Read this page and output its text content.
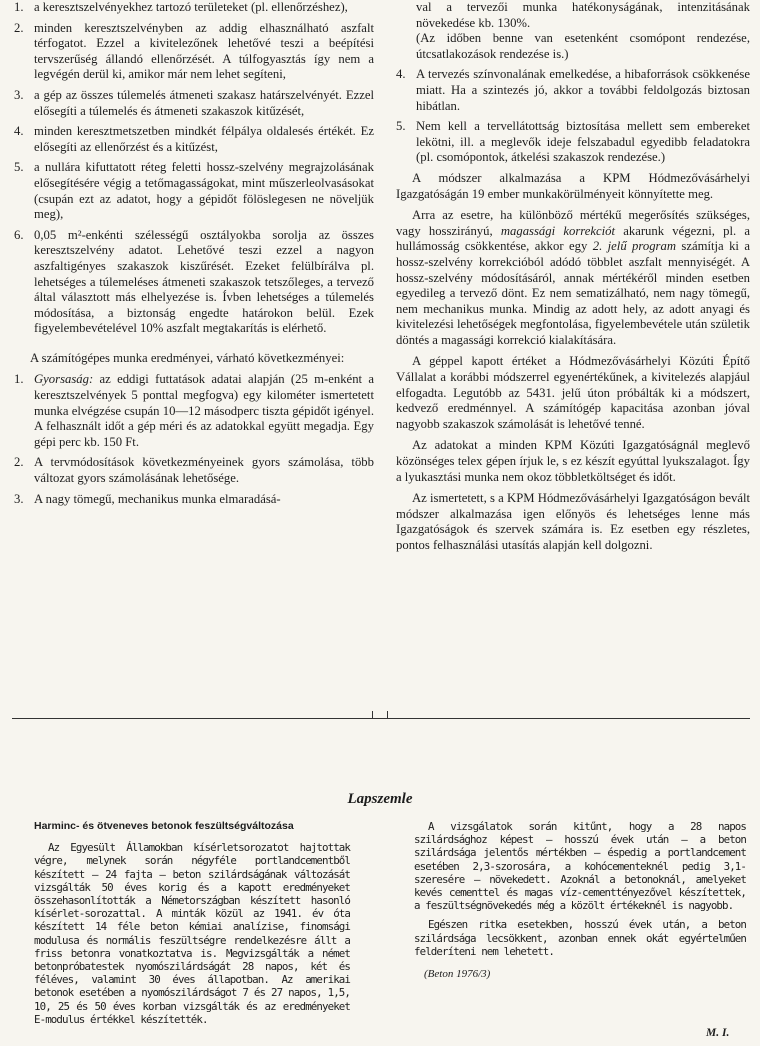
1. a keresztszelvényekhez tartozó területeket (pl. ellenőrzéshez),
2. minden keresztszelvényben az addig elhasználható aszfalt térfogatot. Ezzel a kivitelezőnek lehetővé teszi a beépítési tervszerűség állandó ellenőrzését. A túlfogyasztás így nem a legvégén derül ki, amikor már nem lehet segíteni,
3. a gép az összes túlemelés átmeneti szakasz határszelvényét. Ezzel elősegíti a túlemelés és átmeneti szakaszok kitűzését,
4. minden keresztmetszetben mindkét félpálya oldalesés értékét. Ez elősegíti az ellenőrzést és a kitűzést,
5. a nullára kifuttatott réteg feletti hossz-szelvény megrajzolásának elősegítésére végig a tetőmagasságokat, mint műszerleolvasásokat (csupán ezt az adatot, hogy a gépidőt fölöslegesen ne növeljük meg),
6. 0,05 m²-enkénti szélességű osztályokba sorolja az összes keresztszelvény adatot. Lehetővé teszi ezzel a nagyon aszfaltigényes szakaszok kiszűrését. Ezeket felülbírálva pl. lehetséges a túlemeléses átmeneti szakaszok tetszőleges, a tervező által választott más elhelyezése is. Ívben lehetséges a túlemelés módosítása, a biztonság engedte határokon belül. Ezek figyelembevételével 10% aszfalt megtakarítás is elérhető.

A számítógépes munka eredményei, várható következményei:

1. Gyorsaság: az eddigi futtatások adatai alapján (25 m-enként a keresztszelvények 5 ponttal megfogva) egy kilométer ismertetett munka elvégzése csupán 10—12 másodperc tiszta gépidőt igényel. A felhasznált időt a gép méri és az adatokkal együtt megadja. Egy gépi perc kb. 150 Ft.
2. A tervmódosítások következményeinek gyors számolása, több változat gyors számolásának lehetősége.
3. A nagy tömegű, mechanikus munka elmaradásá-

val a tervezői munka hatékonyságának, intenzitásának növekedése kb. 130%.

(Az időben benne van esetenként csomópont rendezése, útcsatlakozások rendezése is.)

4. A tervezés színvonalának emelkedése, a hibaforrások csökkenése miatt. Ha a szintezés jó, akkor a további feldolgozás biztosan hibátlan.
5. Nem kell a tervellátottság biztosítása mellett sem embereket lekötni, ill. a meglevők ideje felszabadul egyedibb feladatokra (pl. csomópontok, átkelési szakaszok rendezése.)

A módszer alkalmazása a KPM Hódmezővásárhelyi Igazgatóságán 19 ember munkakörülményeit könnyítette meg.

Arra az esetre, ha különböző mértékű megerősítés szükséges, vagy hosszirányú, magassági korrekciót akarunk végezni, pl. a hullámosság csökkentése, akkor egy 2. jelű program számítja ki a hossz-szelvény korrekcióból adódó többlet aszfalt mennyiségét. A hossz-szelvény módosításáról, annak mértékéről minden esetben egyedileg a tervező dönt. Ez nem sematizálható, nem nagy tömegű, nem mechanikus munka. Mindig az adott hely, az adott anyagi és kivitelezési lehetőségek megfontolása, figyelembevétele után születik döntés a magassági korrekció kialakítására.

A géppel kapott értéket a Hódmezővásárhelyi Közúti Építő Vállalat a korábbi módszerrel egyenértékűnek, a kivitelezés alapjául elfogadta. Legutóbb az 5431. jelű úton próbálták ki a módszert, kedvező eredménnyel. A számítógép kapacitása azonban jóval nagyobb szakaszok számolását is lehetővé tenné.

Az adatokat a minden KPM Közúti Igazgatóságnál meglevő közönséges telex gépen írjuk le, s ez készít egyúttal lyukszalagot. Így a lyukasztási munka nem okoz többletköltséget és időt.

Az ismertetett, s a KPM Hódmezővásárhelyi Igazgatóságon bevált módszer alkalmazása igen előnyös és lehetséges lenne más Igazgatóságok és szervek számára is. Ez esetben egy részletes, pontos felhasználási utasítás alapján kell dolgozni.

Lapszemle

Harminc- és ötveneves betonok feszültségváltozása

Az Egyesült Államokban kísérletsorozatot hajtottak végre, melynek során négyféle portlandcementből készített — 24 fajta — beton szilárdságának változását vizsgálták 50 éves korig és a kapott eredményeket összehasonlították a Németországban készített hasonló kísérlet-sorozattal. A minták közül az 1941. év óta készített 14 féle beton kémiai analízise, finomsági modulusa és normális feszültségre rendelkezésre állt a friss betonra vonatkoztatva is. Megvizsgálták a német betonpróbatestek nyomószilárdságát 28 napos, két és féléves, valamint 30 éves állapotban. Az amerikai betonok esetében a nyomószilárdságot 7 és 27 napos, 1,5, 10, 25 és 50 éves korban vizsgálták és az eredményeket E-modulus értékkel készítették.

A vizsgálatok során kitűnt, hogy a 28 napos szilárdsághoz képest — hosszú évek után — a beton szilárdsága jelentős mértékben — éspedig a portlandcement esetében 2,3-szorosára, a kohócementeknél pedig 3,1-szeresére — növekedett. Azoknál a betonoknál, amelyeket kevés cementtel és magas víz-cementtényezővel készítettek, a feszültségnövekedés még a közölt értékeknél is nagyobb.

Egészen ritka esetekben, hosszú évek után, a beton szilárdsága lecsökkent, azonban ennek okát egyértelműen felderíteni nem lehetett.

(Beton 1976/3)

M. I.
